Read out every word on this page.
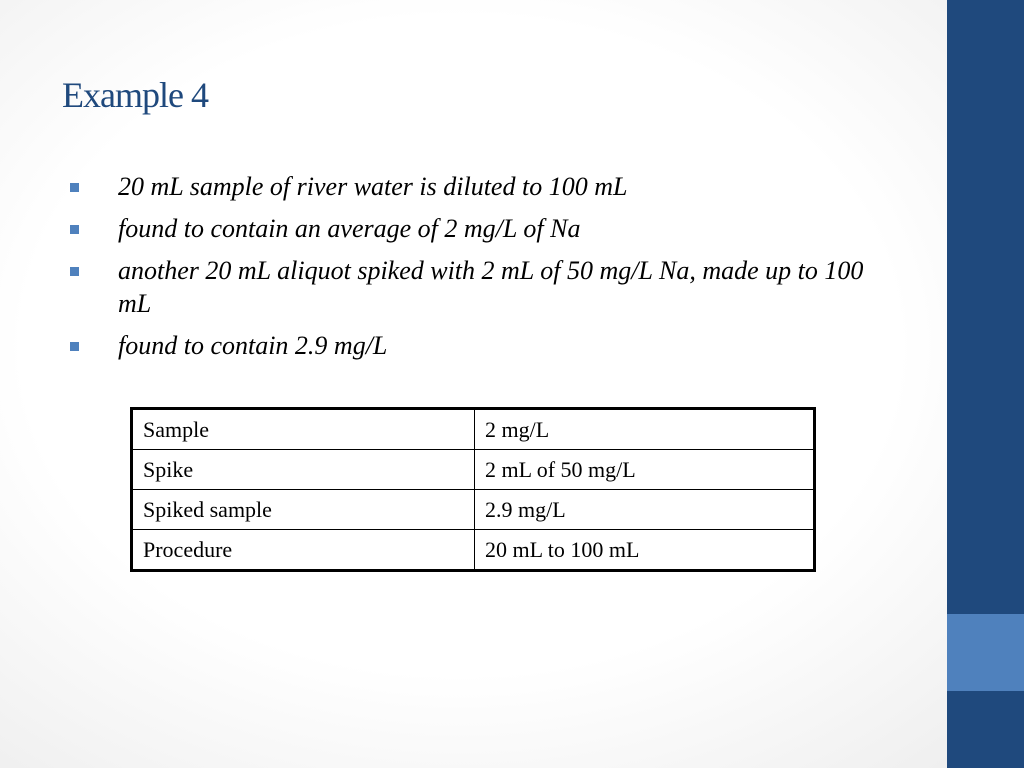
Example 4
20 mL sample of river water is diluted to 100 mL
found to contain an average of 2 mg/L of Na
another 20 mL aliquot spiked with 2 mL of 50 mg/L Na, made up to 100 mL
found to contain 2.9 mg/L
Sample	2 mg/L
Spike	2 mL of 50 mg/L
Spiked sample	2.9 mg/L
Procedure	20 mL to 100 mL
